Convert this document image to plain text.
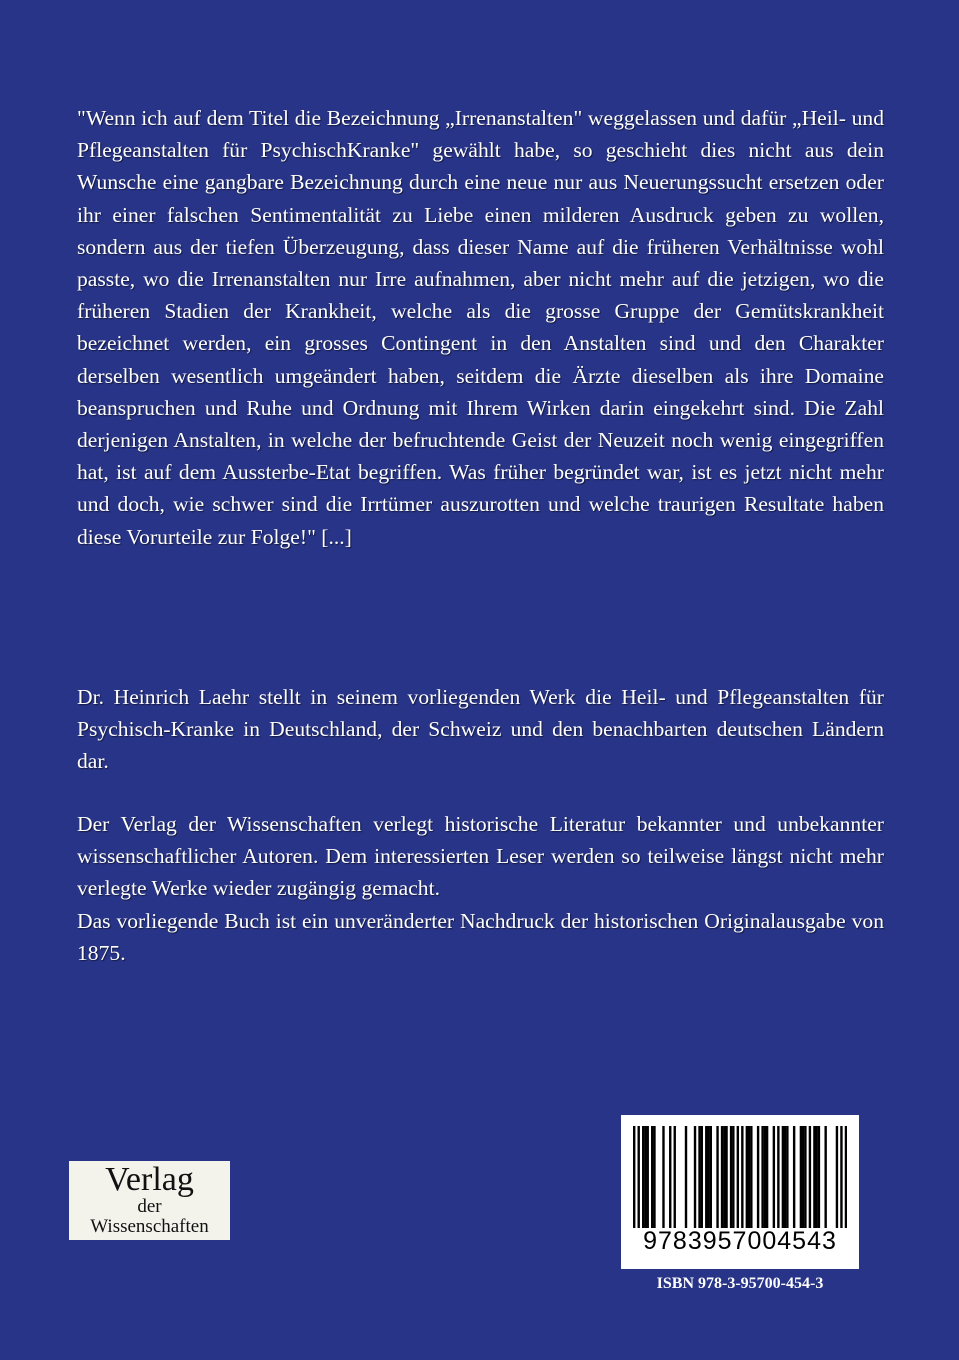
"Wenn ich auf dem Titel die Bezeichnung „Irrenanstalten" weggelassen und dafür „Heil- und Pflegeanstalten für PsychischKranke" gewählt habe, so geschieht dies nicht aus dein Wunsche eine gangbare Bezeichnung durch eine neue nur aus Neuerungssucht ersetzen oder ihr einer falschen Sentimentalität zu Liebe einen milderen Ausdruck geben zu wollen, sondern aus der tiefen Überzeugung, dass dieser Name auf die früheren Verhältnisse wohl passte, wo die Irrenanstalten nur Irre aufnahmen, aber nicht mehr auf die jetzigen, wo die früheren Stadien der Krankheit, welche als die grosse Gruppe der Gemütskrankheit bezeichnet werden, ein grosses Contingent in den Anstalten sind und den Charakter derselben wesentlich umgeändert haben, seitdem die Ärzte dieselben als ihre Domaine beanspruchen und Ruhe und Ordnung mit Ihrem Wirken darin eingekehrt sind. Die Zahl derjenigen Anstalten, in welche der befruchtende Geist der Neuzeit noch wenig eingegriffen hat, ist auf dem Aussterbe-Etat begriffen. Was früher begründet war, ist es jetzt nicht mehr und doch, wie schwer sind die Irrtümer auszurotten und welche traurigen Resultate haben diese Vorurteile zur Folge!" [...]

Dr. Heinrich Laehr stellt in seinem vorliegenden Werk die Heil- und Pflegeanstalten für Psychisch-Kranke in Deutschland, der Schweiz und den benachbarten deutschen Ländern dar.

Der Verlag der Wissenschaften verlegt historische Literatur bekannter und unbekannter wissenschaftlicher Autoren. Dem interessierten Leser werden so teilweise längst nicht mehr verlegte Werke wieder zugängig gemacht.

Das vorliegende Buch ist ein unveränderter Nachdruck der historischen Originalausgabe von 1875.

Verlag
der
Wissenschaften
9783957004543
ISBN 978-3-95700-454-3
